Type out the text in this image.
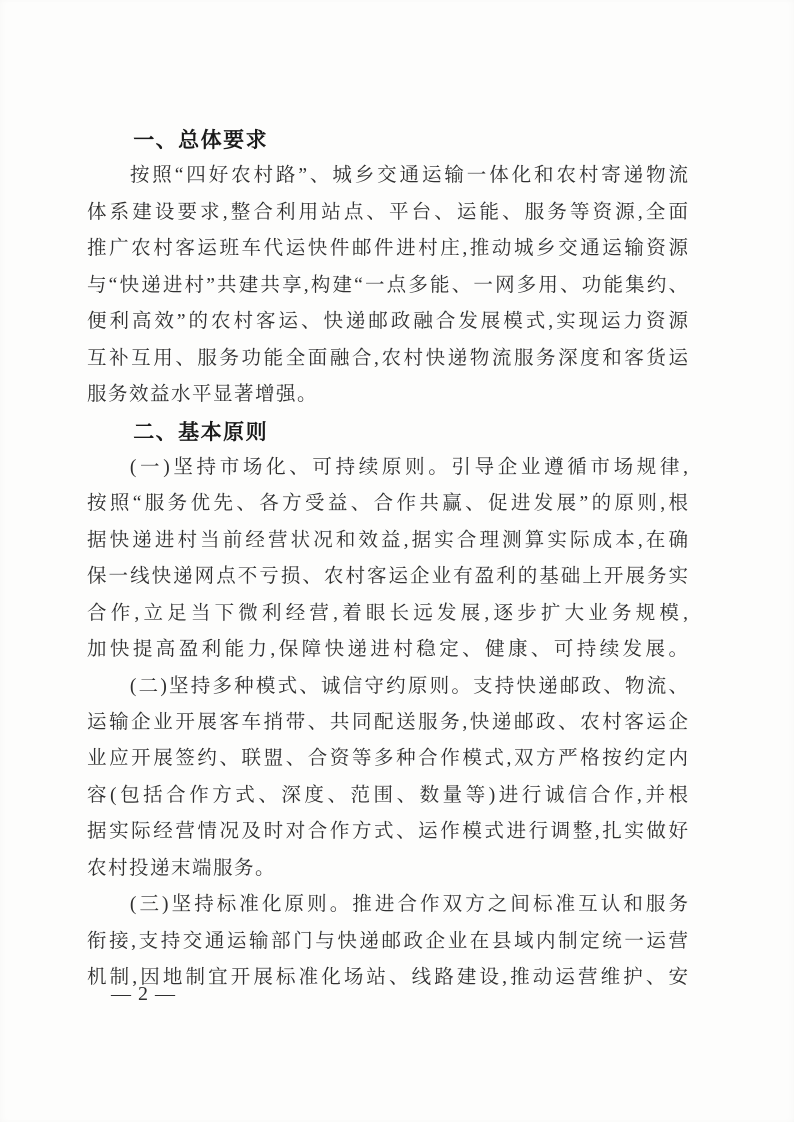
一、总体要求
按照“四好农村路”、城乡交通运输一体化和农村寄递物流
体系建设要求,整合利用站点、平台、运能、服务等资源,全面
推广农村客运班车代运快件邮件进村庄,推动城乡交通运输资源
与“快递进村”共建共享,构建“一点多能、一网多用、功能集约、
便利高效”的农村客运、快递邮政融合发展模式,实现运力资源
互补互用、服务功能全面融合,农村快递物流服务深度和客货运
服务效益水平显著增强。
二、基本原则
(一)坚持市场化、可持续原则。引导企业遵循市场规律,
按照“服务优先、各方受益、合作共赢、促进发展”的原则,根
据快递进村当前经营状况和效益,据实合理测算实际成本,在确
保一线快递网点不亏损、农村客运企业有盈利的基础上开展务实
合作,立足当下微利经营,着眼长远发展,逐步扩大业务规模,
加快提高盈利能力,保障快递进村稳定、健康、可持续发展。
(二)坚持多种模式、诚信守约原则。支持快递邮政、物流、
运输企业开展客车捎带、共同配送服务,快递邮政、农村客运企
业应开展签约、联盟、合资等多种合作模式,双方严格按约定内
容(包括合作方式、深度、范围、数量等)进行诚信合作,并根
据实际经营情况及时对合作方式、运作模式进行调整,扎实做好
农村投递末端服务。
(三)坚持标准化原则。推进合作双方之间标准互认和服务
衔接,支持交通运输部门与快递邮政企业在县域内制定统一运营
机制,因地制宜开展标准化场站、线路建设,推动运营维护、安
— 2 —
